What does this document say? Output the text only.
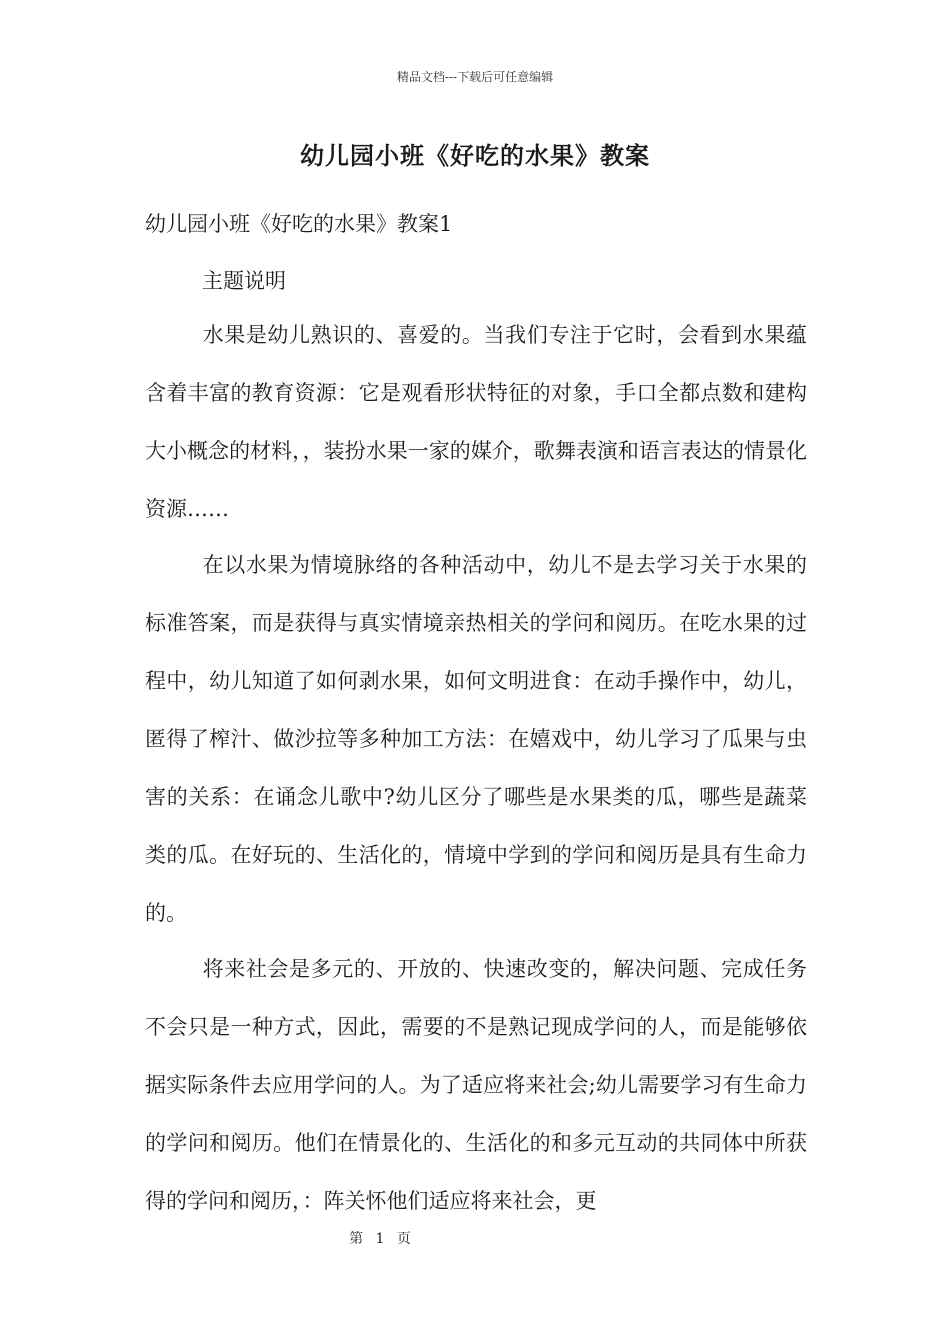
精品文档---下载后可任意编辑
幼儿园小班《好吃的水果》教案
幼儿园小班《好吃的水果》教案1
主题说明
水果是幼儿熟识的、喜爱的。当我们专注于它时，会看到水果蕴含着丰富的教育资源：它是观看形状特征的对象，手口全都点数和建构大小概念的材料，，装扮水果一家的媒介，歌舞表演和语言表达的情景化资源……
在以水果为情境脉络的各种活动中，幼儿不是去学习关于水果的标准答案，而是获得与真实情境亲热相关的学问和阅历。在吃水果的过程中，幼儿知道了如何剥水果，如何文明进食：在动手操作中，幼儿，匿得了榨汁、做沙拉等多种加工方法：在嬉戏中，幼儿学习了瓜果与虫害的关系：在诵念儿歌中?幼儿区分了哪些是水果类的瓜，哪些是蔬菜类的瓜。在好玩的、生活化的，情境中学到的学问和阅历是具有生命力的。
将来社会是多元的、开放的、快速改变的，解决问题、完成任务不会只是一种方式，因此，需要的不是熟记现成学问的人，而是能够依据实际条件去应用学问的人。为了适应将来社会;幼儿需要学习有生命力的学问和阅历。他们在情景化的、生活化的和多元互动的共同体中所获得的学问和阅历，：阵关怀他们适应将来社会，更
第 1 页
